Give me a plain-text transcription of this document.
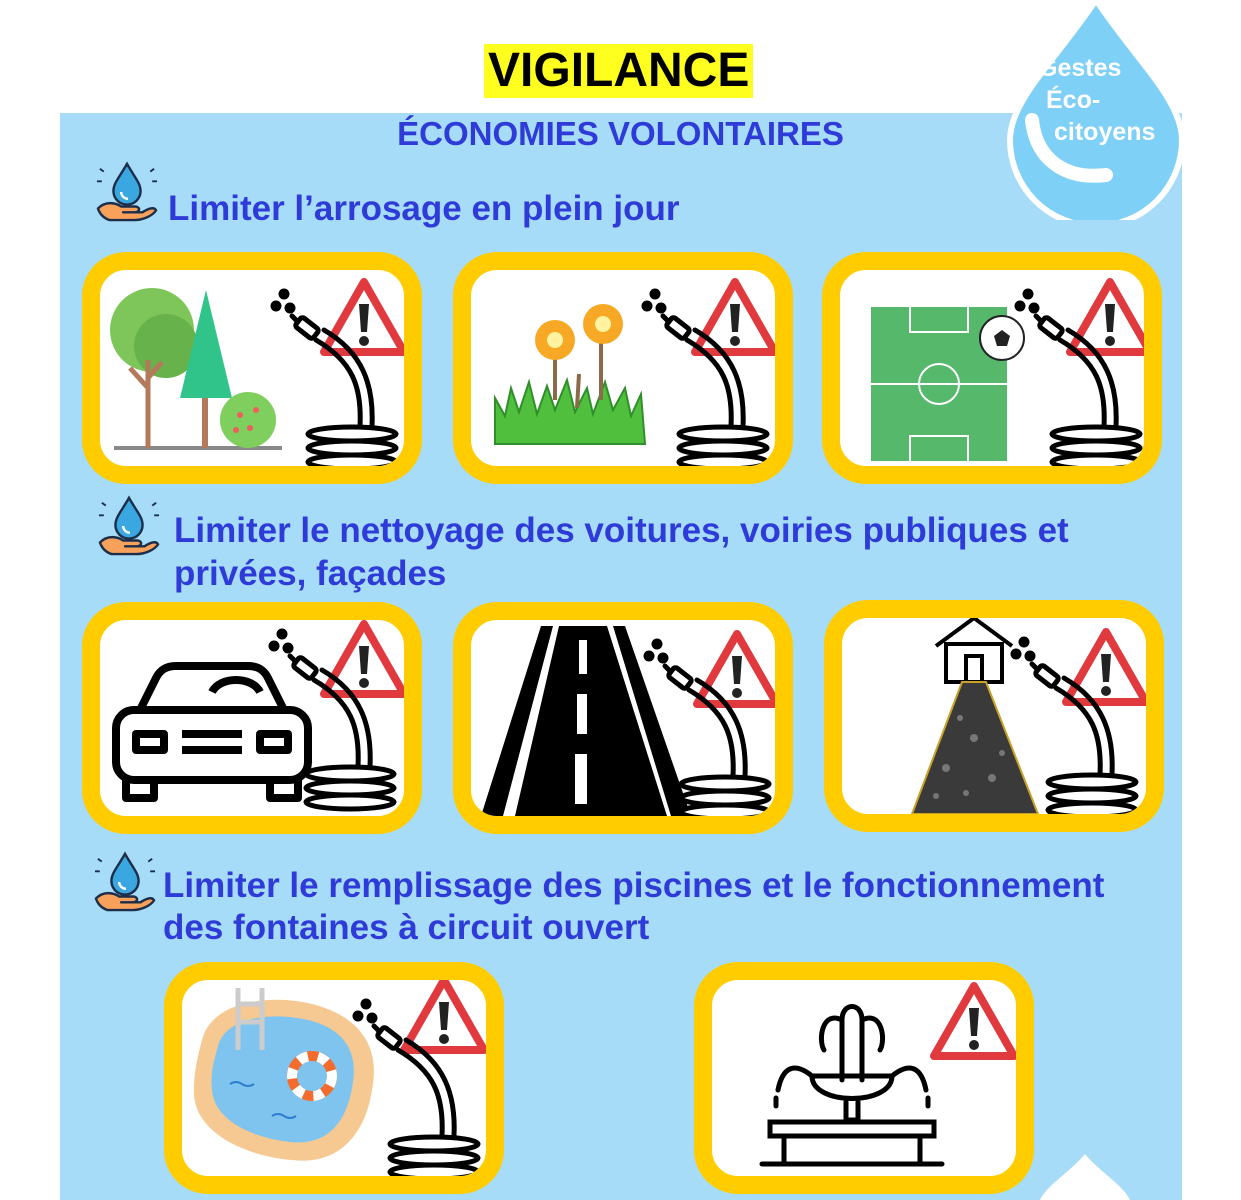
VIGILANCE
ÉCONOMIES VOLONTAIRES
Gestes
Éco-
citoyens
Limiter l’arrosage en plein jour
Limiter le nettoyage des voitures, voiries publiques et
privées, façades
Limiter le remplissage des piscines et le fonctionnement
des fontaines à circuit ouvert
